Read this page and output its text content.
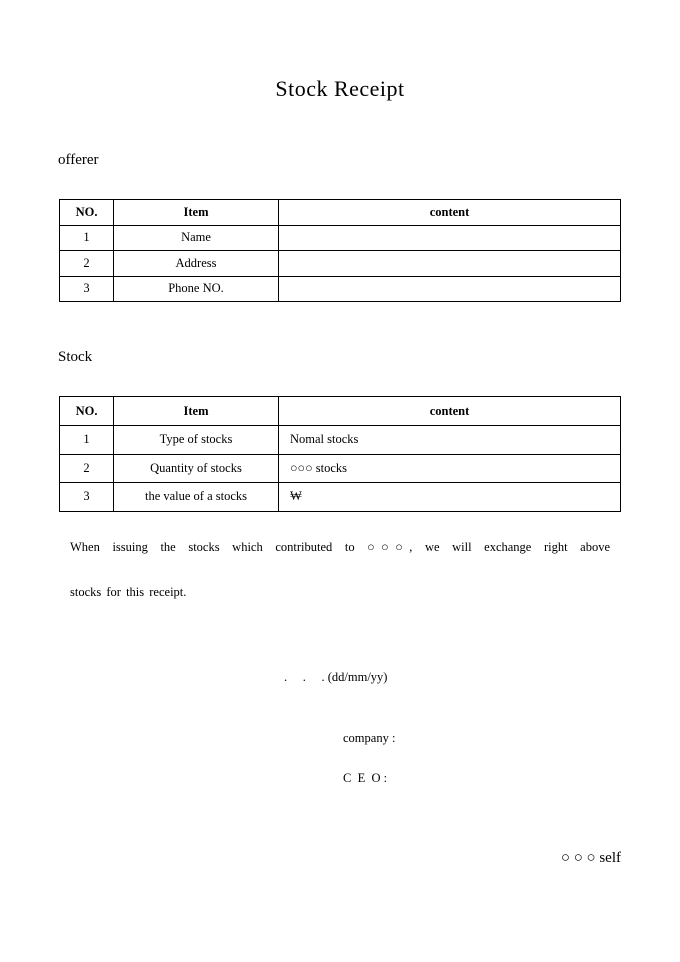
Stock Receipt
offerer
NO.	Item	content
1	Name	
2	Address	
3	Phone NO.	
Stock
NO.	Item	content
1	Type of stocks	Nomal stocks
2	Quantity of stocks	○○○ stocks
3	the value of a stocks	₩
When issuing the stocks which contributed to ○○○, we will exchange right above
stocks for this receipt.
.     .     . (dd/mm/yy)
company :
C  E  O :
○ ○ ○ self
